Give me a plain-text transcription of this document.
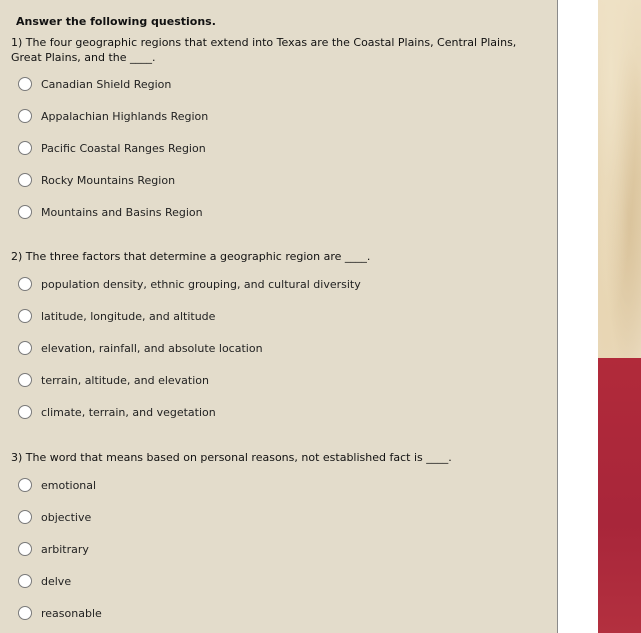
Answer the following questions.
1) The four geographic regions that extend into Texas are the Coastal Plains, Central Plains, Great Plains, and the ____.
Canadian Shield Region
Appalachian Highlands Region
Pacific Coastal Ranges Region
Rocky Mountains Region
Mountains and Basins Region
2) The three factors that determine a geographic region are ____.
population density, ethnic grouping, and cultural diversity
latitude, longitude, and altitude
elevation, rainfall, and absolute location
terrain, altitude, and elevation
climate, terrain, and vegetation
3) The word that means based on personal reasons, not established fact is ____.
emotional
objective
arbitrary
delve
reasonable
